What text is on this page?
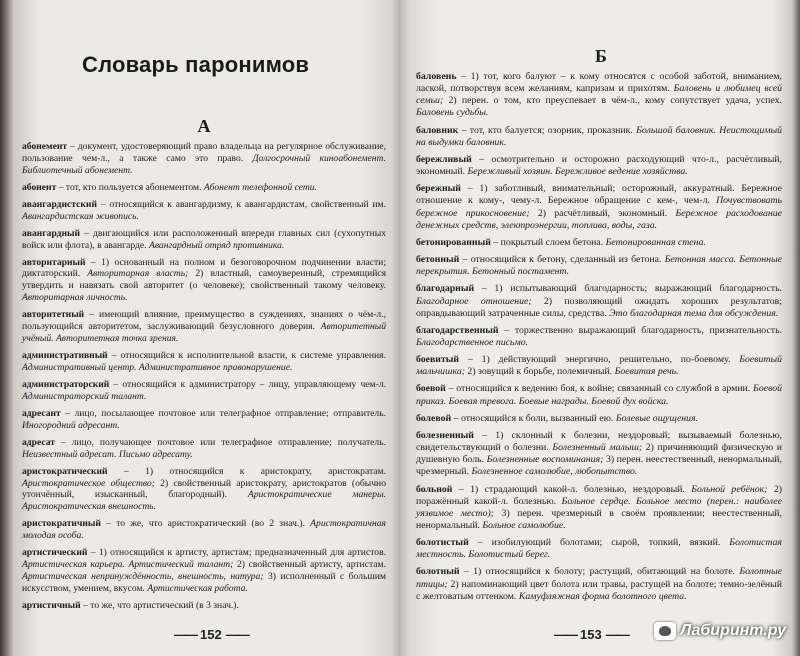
Словарь паронимов
А

абонемент – документ, удостоверяющий право владельца на регулярное обслуживание, пользование чем-л., а также само это право. Долгосрочный киноабонемент. Библиотечный абонемент.

абонент – тот, кто пользуется абонементом. Абонент телефонной сети.

авангардистский – относящийся к авангардизму, к авангардистам, свойственный им. Авангардистская живопись.

авангардный – двигающийся или расположенный впереди главных сил (сухопутных войск или флота), в авангарде. Авангардный отряд противника.

авторитарный – 1) основанный на полном и безоговорочном подчинении власти; диктаторский. Авторитарная власть; 2) властный, самоуверенный, стремящийся утвердить и навязать свой авторитет (о человеке); свойственный такому человеку. Авторитарная личность.

авторитетный – имеющий влияние, преимущество в суждениях, знаниях о чём-л., пользующийся авторитетом, заслуживающий безусловного доверия. Авторитетный учёный. Авторитетная точка зрения.

административный – относящийся к исполнительной власти, к системе управления. Административный центр. Административное правонарушение.

администраторский – относящийся к администратору – лицу, управляющему чем-л. Администраторский талант.

адресант – лицо, посылающее почтовое или телеграфное отправление; отправитель. Иногородний адресант.

адресат – лицо, получающее почтовое или телеграфное отправление; получатель. Неизвестный адресат. Письмо адресату.

аристократический – 1) относящийся к аристократу, аристократам. Аристократическое общество; 2) свойственный аристократу, аристократов (обычно утончённый, изысканный, благородный). Аристократические манеры. Аристократическая внешность.

аристократичный – то же, что аристократический (во 2 знач.). Аристократичная молодая особа.

артистический – 1) относящийся к артисту, артистам; предназначенный для артистов. Артистическая карьера. Артистический талант; 2) свойственный артисту, артистам. Артистическая непринуждённость, внешность, натура; 3) исполненный с большим искусством, умением, вкусом. Артистическая работа.

артистичный – то же, что артистический (в 3 знач.).

—— 152 ——
Б

баловень – 1) тот, кого балуют – к кому относятся с особой заботой, вниманием, лаской, потворствуя всем желаниям, капризам и прихотям. Баловень и любимец всей семьи; 2) перен. о том, кто преуспевает в чём-л., кому сопутствует удача, успех. Баловень судьбы.

баловник – тот, кто балуется; озорник, проказник. Большой баловник. Неистощимый на выдумки баловник.

бережливый – осмотрительно и осторожно расходующий что-л., расчётливый, экономный. Бережливый хозяин. Бережливое ведение хозяйства.

бережный – 1) заботливый, внимательный; осторожный, аккуратный. Бережное отношение к кому-, чему-л. Бережное обращение с кем-, чем-л. Почувствовать бережное прикосновение; 2) расчётливый, экономный. Бережное расходование денежных средств, электроэнергии, топлива, воды, газа.

бетонированный – покрытый слоем бетона. Бетонированная стена.

бетонный – относящийся к бетону, сделанный из бетона. Бетонная масса. Бетонные перекрытия. Бетонный постамент.

благодарный – 1) испытывающий благодарность; выражающий благодарность. Благодарное отношение; 2) позволяющий ожидать хороших результатов; оправдывающий затраченные силы, средства. Это благодарная тема для обсуждения.

благодарственный – торжественно выражающий благодарность, признательность. Благодарственное письмо.

боевитый – 1) действующий энергично, решительно, по-боевому. Боевитый мальчишка; 2) зовущий к борьбе, полемичный. Боевитая речь.

боевой – относящийся к ведению боя, к войне; связанный со службой в армии. Боевой приказ. Боевая тревога. Боевые награды. Боевой дух войска.

болевой – относящийся к боли, вызванный ею. Болевые ощущения.

болезненный – 1) склонный к болезни, нездоровый; вызываемый болезнью, свидетельствующий о болезни. Болезненный малыш; 2) причиняющий физическую и душевную боль. Болезненные воспоминания; 3) перен. неестественный, ненормальный, чрезмерный. Болезненное самолюбие, любопытство.

больной – 1) страдающий какой-л. болезнью, нездоровый. Больной ребёнок; 2) поражённый какой-л. болезнью. Больное сердце. Больное место (перен.: наиболее уязвимое место); 3) перен. чрезмерный в своём проявлении; неестественный, ненормальный. Больное самолюбие.

болотистый – изобилующий болотами; сырой, топкий, вязкий. Болотистая местность. Болотистый берег.

болотный – 1) относящийся к болоту; растущий, обитающий на болоте. Болотные птицы; 2) напоминающий цвет болота или травы, растущей на болоте; темно-зелёный с желтоватым оттенком. Камуфляжная форма болотного цвета.

—— 153 ——	Лабиринт.ру
